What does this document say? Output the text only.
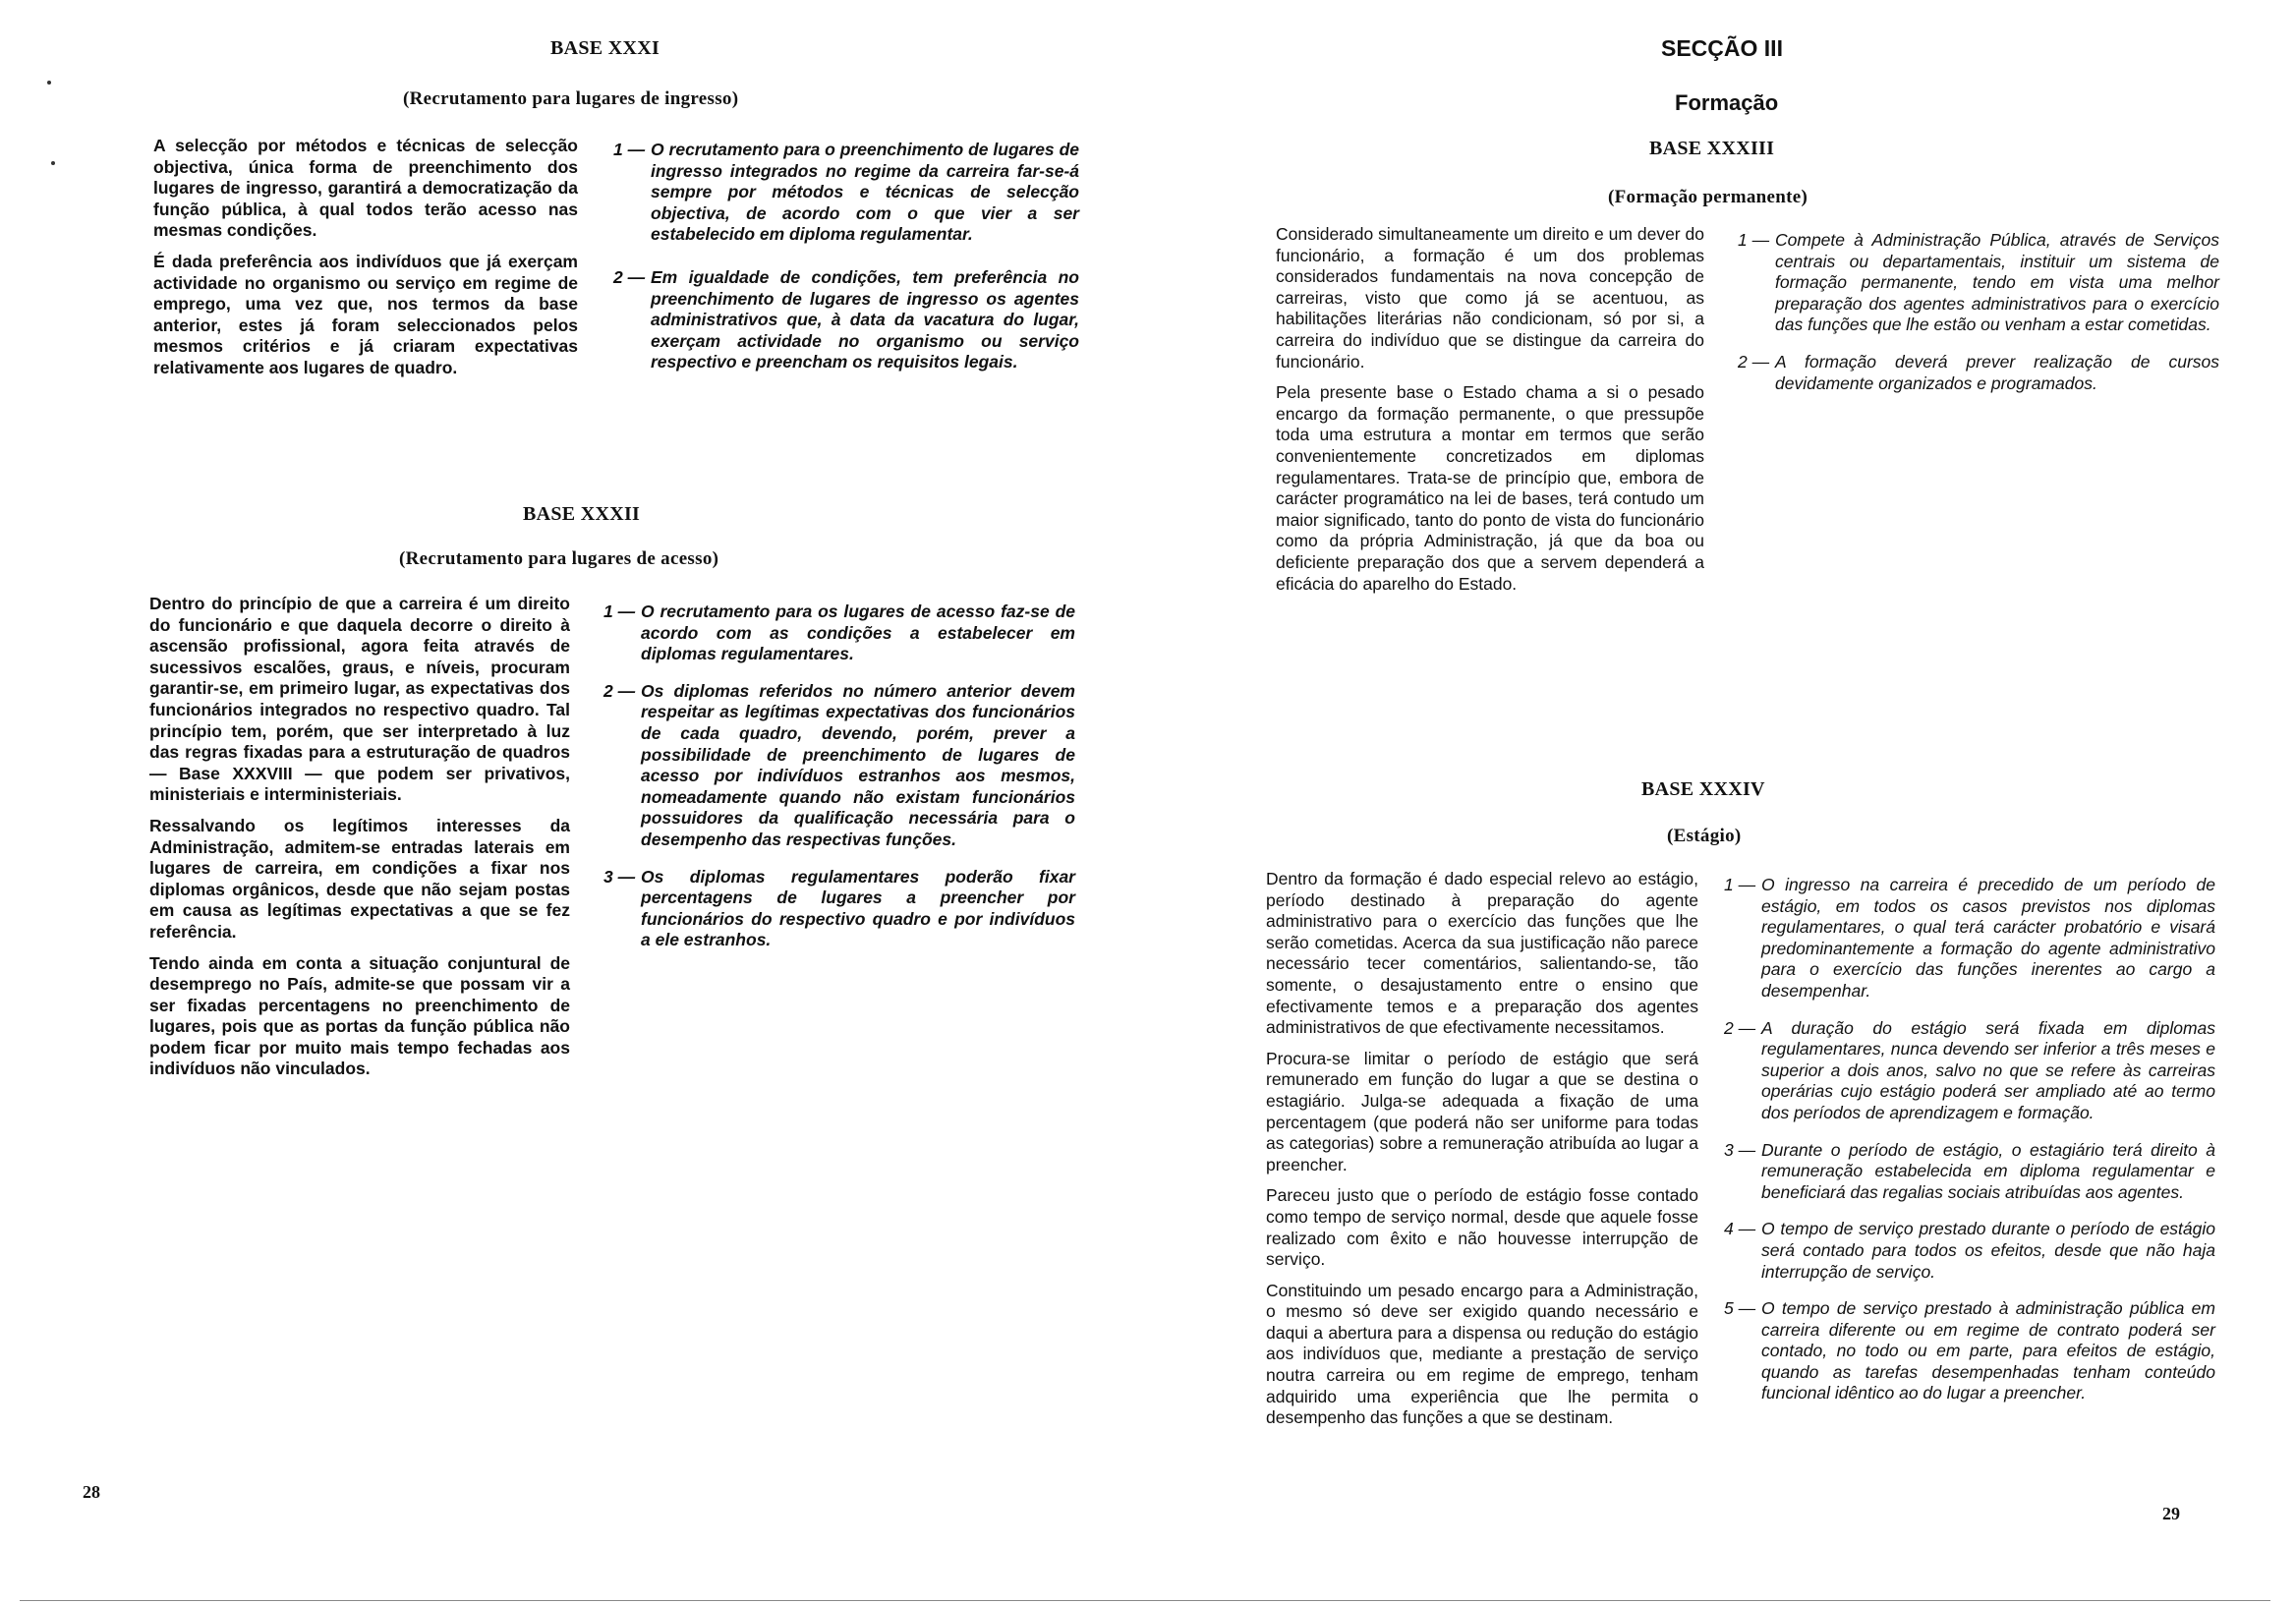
BASE XXXI
(Recrutamento para lugares de ingresso)

A selecção por métodos e técnicas de selecção objectiva, única forma de preenchimento dos lugares de ingresso, garantirá a democratização da função pública, à qual todos terão acesso nas mesmas condições.

É dada preferência aos indivíduos que já exerçam actividade no organismo ou serviço em regime de emprego, uma vez que, nos termos da base anterior, estes já foram seleccionados pelos mesmos critérios e já criaram expectativas relativamente aos lugares de quadro.

1 — O recrutamento para o preenchimento de lugares de ingresso integrados no regime da carreira far-se-á sempre por métodos e técnicas de selecção objectiva, de acordo com o que vier a ser estabelecido em diploma regulamentar.
2 — Em igualdade de condições, tem preferência no preenchimento de lugares de ingresso os agentes administrativos que, à data da vacatura do lugar, exerçam actividade no organismo ou serviço respectivo e preencham os requisitos legais.
BASE XXXII
(Recrutamento para lugares de acesso)

Dentro do princípio de que a carreira é um direito do funcionário e que daquela decorre o direito à ascensão profissional, agora feita através de sucessivos escalões, graus, e níveis, procuram garantir-se, em primeiro lugar, as expectativas dos funcionários integrados no respectivo quadro. Tal princípio tem, porém, que ser interpretado à luz das regras fixadas para a estruturação de quadros — Base XXXVIII — que podem ser privativos, ministeriais e interministeriais.

Ressalvando os legítimos interesses da Administração, admitem-se entradas laterais em lugares de carreira, em condições a fixar nos diplomas orgânicos, desde que não sejam postas em causa as legítimas expectativas a que se fez referência.

Tendo ainda em conta a situação conjuntural de desemprego no País, admite-se que possam vir a ser fixadas percentagens no preenchimento de lugares, pois que as portas da função pública não podem ficar por muito mais tempo fechadas aos indivíduos não vinculados.

1 — O recrutamento para os lugares de acesso faz-se de acordo com as condições a estabelecer em diplomas regulamentares.
2 — Os diplomas referidos no número anterior devem respeitar as legítimas expectativas dos funcionários de cada quadro, devendo, porém, prever a possibilidade de preenchimento de lugares de acesso por indivíduos estranhos aos mesmos, nomeadamente quando não existam funcionários possuidores da qualificação necessária para o desempenho das respectivas funções.
3 — Os diplomas regulamentares poderão fixar percentagens de lugares a preencher por funcionários do respectivo quadro e por indivíduos a ele estranhos.
28
SECÇÃO III
Formação
BASE XXXIII
(Formação permanente)

Considerado simultaneamente um direito e um dever do funcionário, a formação é um dos problemas considerados fundamentais na nova concepção de carreiras, visto que como já se acentuou, as habilitações literárias não condicionam, só por si, a carreira do indivíduo que se distingue da carreira do funcionário.

Pela presente base o Estado chama a si o pesado encargo da formação permanente, o que pressupõe toda uma estrutura a montar em termos que serão convenientemente concretizados em diplomas regulamentares. Trata-se de princípio que, embora de carácter programático na lei de bases, terá contudo um maior significado, tanto do ponto de vista do funcionário como da própria Administração, já que da boa ou deficiente preparação dos que a servem dependerá a eficácia do aparelho do Estado.

1 — Compete à Administração Pública, através de Serviços centrais ou departamentais, instituir um sistema de formação permanente, tendo em vista uma melhor preparação dos agentes administrativos para o exercício das funções que lhe estão ou venham a estar cometidas.
2 — A formação deverá prever realização de cursos devidamente organizados e programados.
BASE XXXIV
(Estágio)

Dentro da formação é dado especial relevo ao estágio, período destinado à preparação do agente administrativo para o exercício das funções que lhe serão cometidas. Acerca da sua justificação não parece necessário tecer comentários, salientando-se, tão somente, o desajustamento entre o ensino que efectivamente temos e a preparação dos agentes administrativos de que efectivamente necessitamos.

Procura-se limitar o período de estágio que será remunerado em função do lugar a que se destina o estagiário. Julga-se adequada a fixação de uma percentagem (que poderá não ser uniforme para todas as categorias) sobre a remuneração atribuída ao lugar a preencher.

Pareceu justo que o período de estágio fosse contado como tempo de serviço normal, desde que aquele fosse realizado com êxito e não houvesse interrupção de serviço.

Constituindo um pesado encargo para a Administração, o mesmo só deve ser exigido quando necessário e daqui a abertura para a dispensa ou redução do estágio aos indivíduos que, mediante a prestação de serviço noutra carreira ou em regime de emprego, tenham adquirido uma experiência que lhe permita o desempenho das funções a que se destinam.

1 — O ingresso na carreira é precedido de um período de estágio, em todos os casos previstos nos diplomas regulamentares, o qual terá carácter probatório e visará predominantemente a formação do agente administrativo para o exercício das funções inerentes ao cargo a desempenhar.
2 — A duração do estágio será fixada em diplomas regulamentares, nunca devendo ser inferior a três meses e superior a dois anos, salvo no que se refere às carreiras operárias cujo estágio poderá ser ampliado até ao termo dos períodos de aprendizagem e formação.
3 — Durante o período de estágio, o estagiário terá direito à remuneração estabelecida em diploma regulamentar e beneficiará das regalias sociais atribuídas aos agentes.
4 — O tempo de serviço prestado durante o período de estágio será contado para todos os efeitos, desde que não haja interrupção de serviço.
5 — O tempo de serviço prestado à administração pública em carreira diferente ou em regime de contrato poderá ser contado, no todo ou em parte, para efeitos de estágio, quando as tarefas desempenhadas tenham conteúdo funcional idêntico ao do lugar a preencher.
29
